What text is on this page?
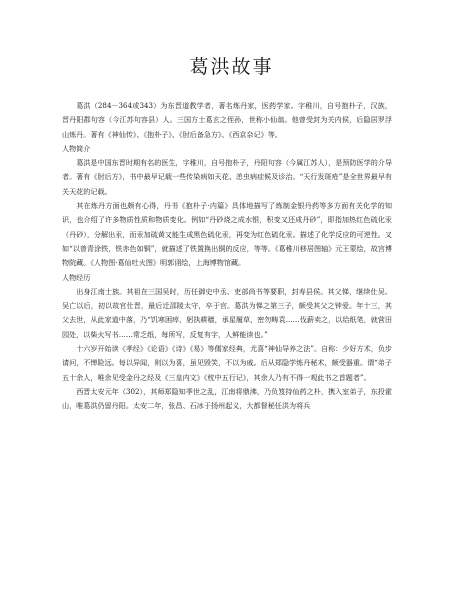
葛洪故事

葛洪（284－364或343）为东晋道教学者，著名炼丹家，医药学家。字稚川，自号抱朴子，汉族，晋丹阳郡句容（今江苏句容县）人。三国方士葛玄之侄孙，世称小仙翁。他曾受封为关内侯，后隐居罗浮山炼丹。著有《神仙传》、《抱朴子》、《肘后备急方》、《西京杂记》等。

人物简介

葛洪是中国东晋时期有名的医生，字稚川，自号抱朴子，丹阳句容（今属江苏人），是预防医学的介导者。著有《肘后方》，书中最早记载一些传染病如天花、恙虫病症候及诊治。“天行发斑疮”是全世界最早有关天花的记载。

其在炼丹方面也颇有心得，丹书《抱朴子·内篇》具体地描写了炼制金银丹药等多方面有关化学的知识，也介绍了许多物质性质和物质变化。例如“丹砂烧之成水银，积变又还成丹砂”，即指加热红色硫化汞（丹砂），分解出汞，而汞加硫黄又能生成黑色硫化汞，再变为红色硫化汞。描述了化学反应的可逆性。又如“以曾青涂铁，铁赤色如铜”，就描述了铁置换出铜的反应，等等。《葛稚川移居图轴》元王蒙绘，故宫博物院藏。《人物图·葛仙吐火图》明郭诩绘，上海博物馆藏。

人物经历

出身江南士族。其祖在三国吴时，历任御史中丞、吏部尚书等要职，封寿县侯。其父悌，继续仕吴。吴亡以后，初以故官仕晋，最后迁邵陵太守，卒于官。葛洪为悌之第三子，颇受其父之钟爱。年十三，其父去世，从此家道中落，乃“饥寒困瘁，躬执耕穑，承星履草，密勿畴袁……伐薪卖之，以给纸笔，就营田园处，以柴火写书……常乏纸，每所写，反复有字，人鲜能读也。”

十六岁开始读《孝经》《论语》《诗》《易》等儒家经典，尤喜“神仙导养之法”。自称：少好方术，负步请问，不惮险远。每以异闻，则以为喜，虽见毁笑，不以为戚。后从郑隐学炼丹秘术，颇受器重。谓“弟子五十余人，唯余见受金丹之经及《三皇内文》《枕中五行记》，其余人乃有不得一观此书之首题者”。

西晋太安元年（302），其师郑隐知季世之乱，江南将鼎沸，乃负笈持仙药之朴，携入室弟子，东投霍山，唯葛洪仍留丹阳。太安二年，张昌、石冰于扬州起义，大都督秘任洪为将兵
